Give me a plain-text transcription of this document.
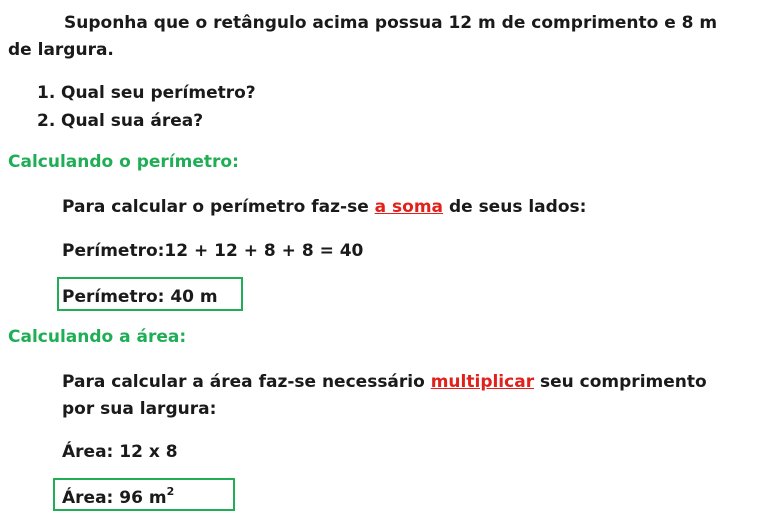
Suponha que o retângulo acima possua 12 m de comprimento e 8 m
de largura.
1. Qual seu perímetro?
2. Qual sua área?
Calculando o perímetro:
Para calcular o perímetro faz-se a soma de seus lados:
Perímetro:12 + 12 + 8 + 8 = 40
Perímetro: 40 m
Calculando a área:
Para calcular a área faz-se necessário multiplicar seu comprimento
por sua largura:
Área: 12 x 8
Área: 96 $m^2$
